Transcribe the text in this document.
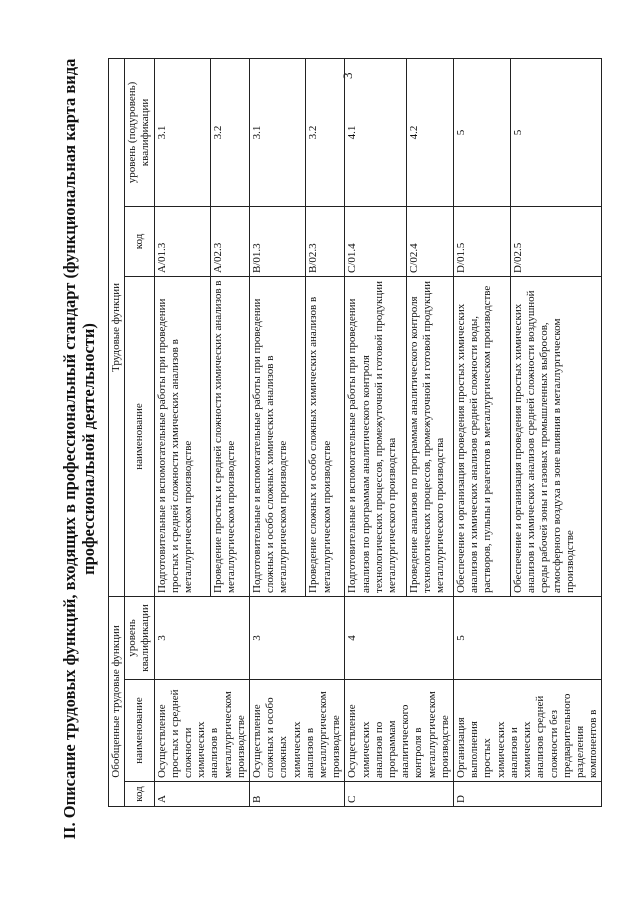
3
II. Описание трудовых функций, входящих в профессиональный стандарт (функциональная карта вида профессиональной деятельности)
Обобщенные трудовые функции			Трудовые функции		
код	наименование	уровень квалификации	наименование	код	уровень (подуровень) квалификации
A	Осуществление простых и средней сложности химических анализов в металлургическом производстве	3	Подготовительные и вспомогательные работы при проведении простых и средней сложности химических анализов в металлургическом производстве	A/01.3	3.1
			Проведение простых и средней сложности химических анализов в металлургическом производстве	A/02.3	3.2
B	Осуществление сложных и особо сложных химических анализов в металлургическом производстве	3	Подготовительные и вспомогательные работы при проведении сложных и особо сложных химических анализов в металлургическом производстве	B/01.3	3.1
			Проведение сложных и особо сложных химических анализов в металлургическом производстве	B/02.3	3.2
C	Осуществление химических анализов по программам аналитического контроля в металлургическом производстве	4	Подготовительные и вспомогательные работы при проведении анализов по программам аналитического контроля технологических процессов, промежуточной и готовой продукции металлургического производства	C/01.4	4.1
			Проведение анализов по программам аналитического контроля технологических процессов, промежуточной и готовой продукции металлургического производства	C/02.4	4.2
D	Организация выполнения простых химических анализов и химических анализов средней сложности без предварительного разделения компонентов в	5	Обеспечение и организация проведения простых химических анализов и химических анализов средней сложности воды, растворов, пульпы и реагентов в металлургическом производстве	D/01.5	5
			Обеспечение и организация проведения простых химических анализов и химических анализов средней сложности воздушной среды рабочей зоны и газовых промышленных выбросов, атмосферного воздуха в зоне влияния в металлургическом производстве	D/02.5	5
